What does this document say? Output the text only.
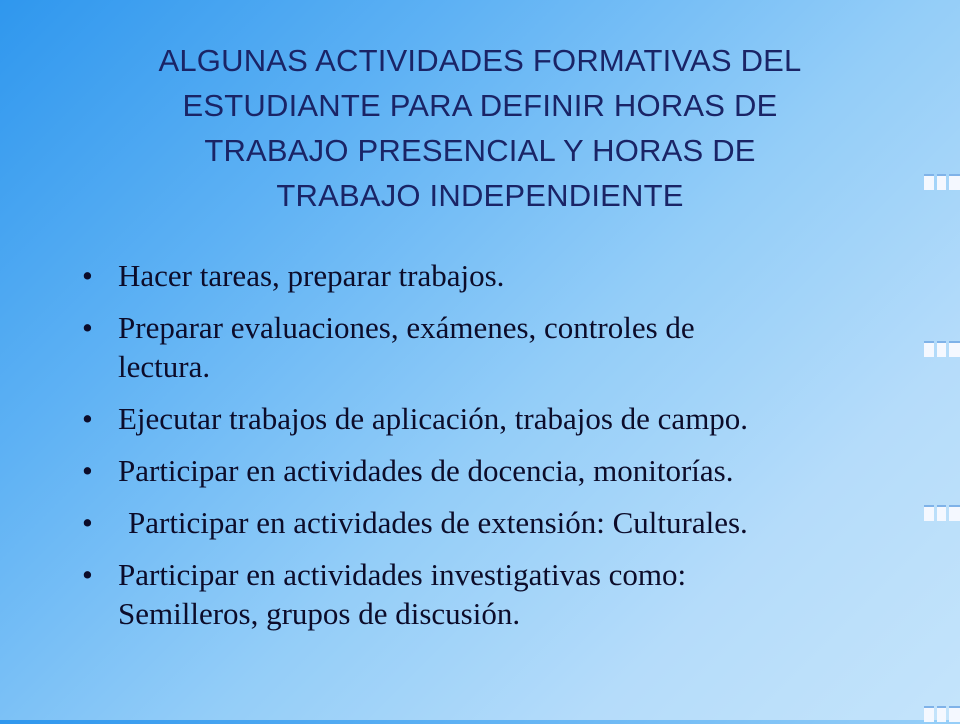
ALGUNAS ACTIVIDADES FORMATIVAS DEL
ESTUDIANTE PARA DEFINIR HORAS DE
TRABAJO PRESENCIAL Y HORAS DE
TRABAJO INDEPENDIENTE
• Hacer tareas, preparar trabajos.
• Preparar evaluaciones, exámenes, controles de
lectura.
• Ejecutar trabajos de aplicación, trabajos de campo.
• Participar en actividades de docencia, monitorías.
• Participar en actividades de extensión: Culturales.
• Participar en actividades investigativas como:
Semilleros, grupos de discusión.
